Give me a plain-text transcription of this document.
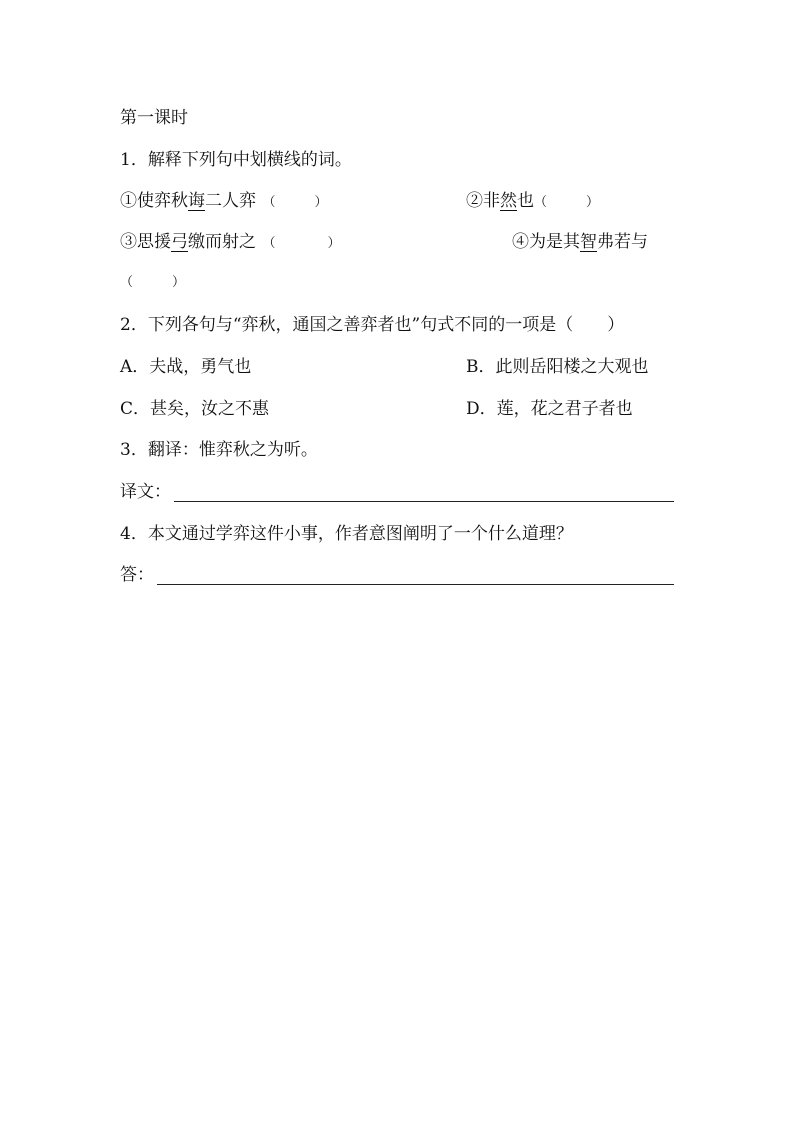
第一课时
1．解释下列句中划横线的词。
①使弈秋诲二人弈　 （　　　）	②非然也（　　　）
③思援弓缴而射之　 （　　　　）	④为是其智弗若与
（　　　）
2．下列各句与“弈秋，通国之善弈者也”句式不同的一项是（　　）
A．夫战，勇气也	B．此则岳阳楼之大观也
C．甚矣，汝之不惠	D．莲，花之君子者也
3．翻译：惟弈秋之为听。
译文：
4．本文通过学弈这件小事，作者意图阐明了一个什么道理？
答：
